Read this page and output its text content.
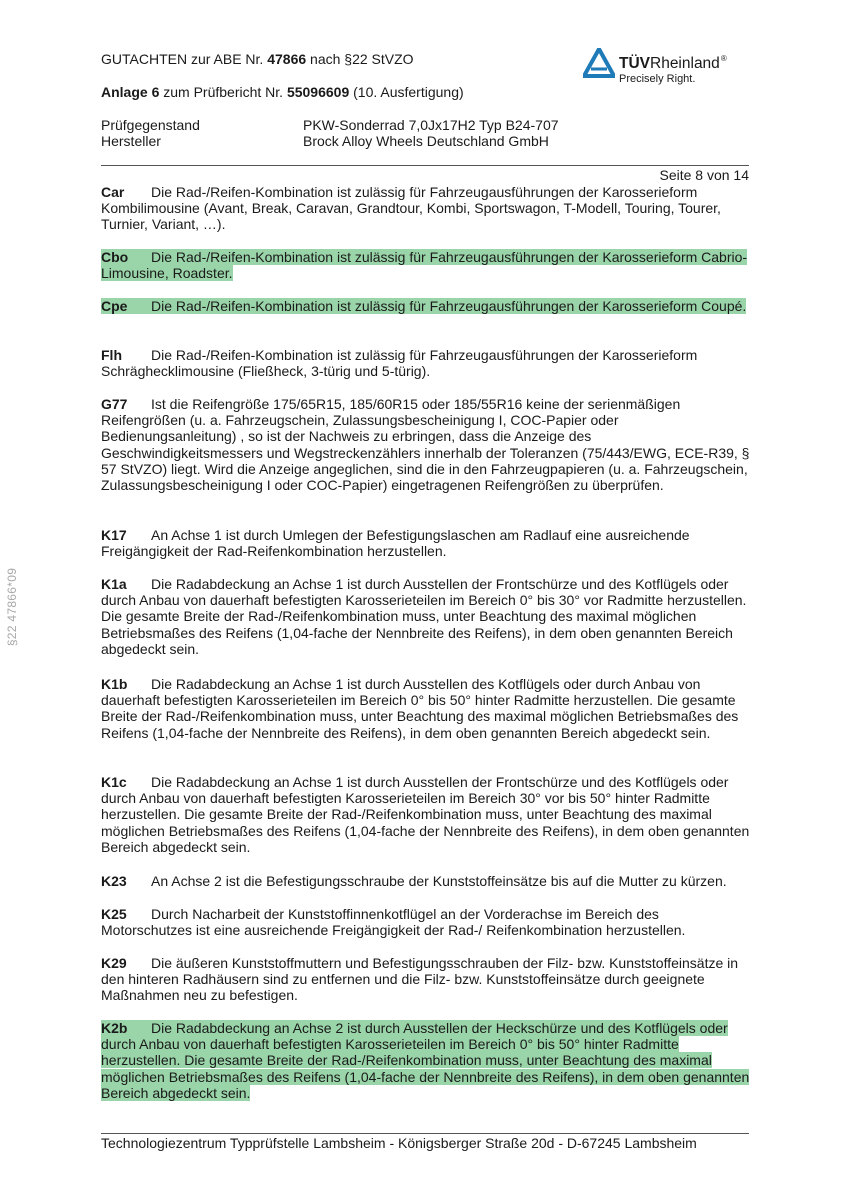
GUTACHTEN zur ABE Nr. 47866 nach §22 StVZO
Anlage 6 zum Prüfbericht Nr. 55096609 (10. Ausfertigung)
Prüfgegenstand	PKW-Sonderrad 7,0Jx17H2 Typ B24-707
Hersteller	Brock Alloy Wheels Deutschland GmbH
TÜVRheinland®
Precisely Right.
Seite 8 von 14
§22 47866*09
Car Die Rad-/Reifen-Kombination ist zulässig für Fahrzeugausführungen der Karosserieform Kombilimousine (Avant, Break, Caravan, Grandtour, Kombi, Sportswagon, T-Modell, Touring, Tourer, Turnier, Variant, …).
Cbo Die Rad-/Reifen-Kombination ist zulässig für Fahrzeugausführungen der Karosserieform Cabrio-Limousine, Roadster.
Cpe Die Rad-/Reifen-Kombination ist zulässig für Fahrzeugausführungen der Karosserieform Coupé.
Flh Die Rad-/Reifen-Kombination ist zulässig für Fahrzeugausführungen der Karosserieform Schräghecklimousine (Fließheck, 3-türig und 5-türig).
G77 Ist die Reifengröße 175/65R15, 185/60R15 oder 185/55R16 keine der serienmäßigen Reifengrößen (u. a. Fahrzeugschein, Zulassungsbescheinigung I, COC-Papier oder Bedienungsanleitung) , so ist der Nachweis zu erbringen, dass die Anzeige des Geschwindigkeitsmessers und Wegstreckenzählers innerhalb der Toleranzen (75/443/EWG, ECE-R39, § 57 StVZO) liegt. Wird die Anzeige angeglichen, sind die in den Fahrzeugpapieren (u. a. Fahrzeugschein, Zulassungsbescheinigung I oder COC-Papier) eingetragenen Reifengrößen zu überprüfen.
K17 An Achse 1 ist durch Umlegen der Befestigungslaschen am Radlauf eine ausreichende Freigängigkeit der Rad-Reifenkombination herzustellen.
K1a Die Radabdeckung an Achse 1 ist durch Ausstellen der Frontschürze und des Kotflügels oder durch Anbau von dauerhaft befestigten Karosserieteilen im Bereich 0° bis 30° vor Radmitte herzustellen. Die gesamte Breite der Rad-/Reifenkombination muss, unter Beachtung des maximal möglichen Betriebsmaßes des Reifens (1,04-fache der Nennbreite des Reifens), in dem oben genannten Bereich abgedeckt sein.
K1b Die Radabdeckung an Achse 1 ist durch Ausstellen des Kotflügels oder durch Anbau von dauerhaft befestigten Karosserieteilen im Bereich 0° bis 50° hinter Radmitte herzustellen. Die gesamte Breite der Rad-/Reifenkombination muss, unter Beachtung des maximal möglichen Betriebsmaßes des Reifens (1,04-fache der Nennbreite des Reifens), in dem oben genannten Bereich abgedeckt sein.
K1c Die Radabdeckung an Achse 1 ist durch Ausstellen der Frontschürze und des Kotflügels oder durch Anbau von dauerhaft befestigten Karosserieteilen im Bereich 30° vor bis 50° hinter Radmitte herzustellen. Die gesamte Breite der Rad-/Reifenkombination muss, unter Beachtung des maximal möglichen Betriebsmaßes des Reifens (1,04-fache der Nennbreite des Reifens), in dem oben genannten Bereich abgedeckt sein.
K23 An Achse 2 ist die Befestigungsschraube der Kunststoffeinsätze bis auf die Mutter zu kürzen.
K25 Durch Nacharbeit der Kunststoffinnenkotflügel an der Vorderachse im Bereich des Motorschutzes ist eine ausreichende Freigängigkeit der Rad-/ Reifenkombination herzustellen.
K29 Die äußeren Kunststoffmuttern und Befestigungsschrauben der Filz- bzw. Kunststoffeinsätze in den hinteren Radhäusern sind zu entfernen und die Filz- bzw. Kunststoffeinsätze durch geeignete Maßnahmen neu zu befestigen.
K2b Die Radabdeckung an Achse 2 ist durch Ausstellen der Heckschürze und des Kotflügels oder durch Anbau von dauerhaft befestigten Karosserieteilen im Bereich 0° bis 50° hinter Radmitte herzustellen. Die gesamte Breite der Rad-/Reifenkombination muss, unter Beachtung des maximal möglichen Betriebsmaßes des Reifens (1,04-fache der Nennbreite des Reifens), in dem oben genannten Bereich abgedeckt sein.
Technologiezentrum Typprüfstelle Lambsheim - Königsberger Straße 20d - D-67245 Lambsheim
